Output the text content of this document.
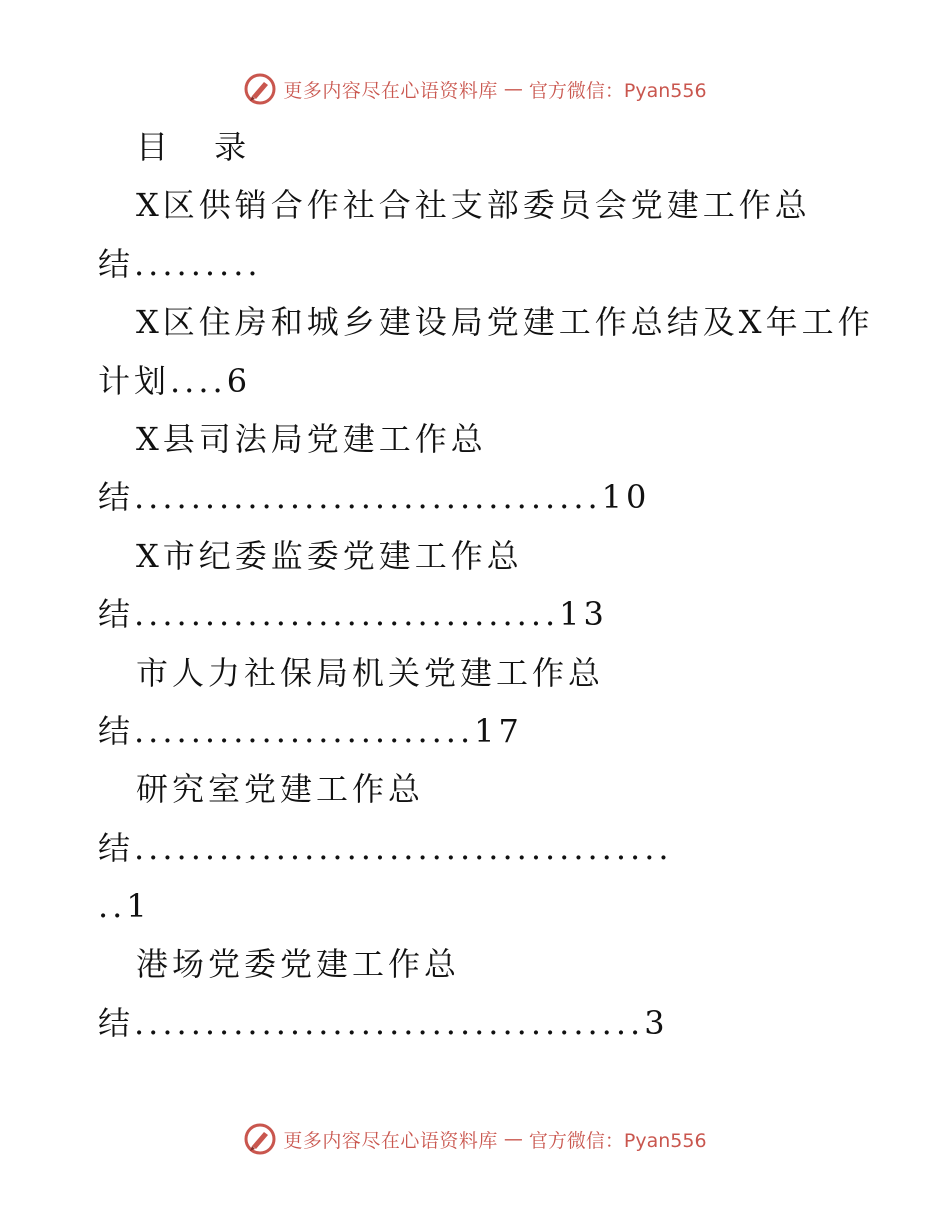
更多内容尽在心语资料库 — 官方微信：Pyan556
目 录
X区供销合作社合社支部委员会党建工作总
结.........
X区住房和城乡建设局党建工作总结及X年工作
计划....6
X县司法局党建工作总
结.................................10
X市纪委监委党建工作总
结..............................13
市人力社保局机关党建工作总
结........................17
研究室党建工作总
结......................................
..1
港场党委党建工作总
结....................................3
更多内容尽在心语资料库 — 官方微信：Pyan556
